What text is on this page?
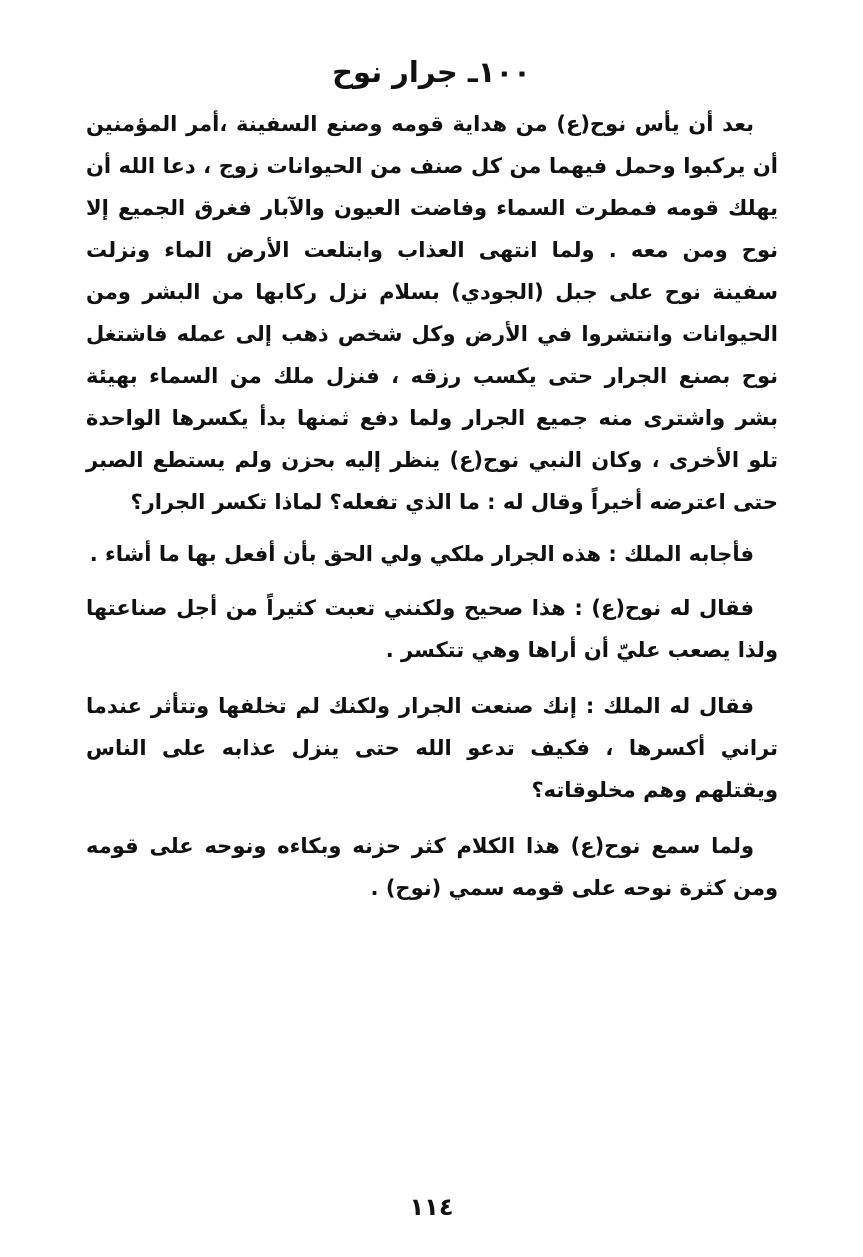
١٠٠ـ جرار نوح

بعد أن يأس نوح(ع) من هداية قومه وصنع السفينة ،أمر المؤمنين أن يركبوا وحمل فيهما من كل صنف من الحيوانات زوج ، دعا الله أن يهلك قومه فمطرت السماء وفاضت العيون والآبار فغرق الجميع إلا نوح ومن معه . ولما انتهى العذاب وابتلعت الأرض الماء ونزلت سفينة نوح على جبل (الجودي) بسلام نزل ركابها من البشر ومن الحيوانات وانتشروا في الأرض وكل شخص ذهب إلى عمله فاشتغل نوح بصنع الجرار حتى يكسب رزقه ، فنزل ملك من السماء بهيئة بشر واشترى منه جميع الجرار ولما دفع ثمنها بدأ يكسرها الواحدة تلو الأخرى ، وكان النبي نوح(ع) ينظر إليه بحزن ولم يستطع الصبر حتى اعترضه أخيراً وقال له : ما الذي تفعله؟ لماذا تكسر الجرار؟

فأجابه الملك : هذه الجرار ملكي ولي الحق بأن أفعل بها ما أشاء .

فقال له نوح(ع) : هذا صحيح ولكنني تعبت كثيراً من أجل صناعتها ولذا يصعب عليّ أن أراها وهي تتكسر .

فقال له الملك : إنك صنعت الجرار ولكنك لم تخلفها وتتأثر عندما تراني أكسرها ، فكيف تدعو الله حتى ينزل عذابه على الناس ويقتلهم وهم مخلوقاته؟

ولما سمع نوح(ع) هذا الكلام كثر حزنه وبكاءه ونوحه على قومه ومن كثرة نوحه على قومه سمي (نوح) .

١١٤
